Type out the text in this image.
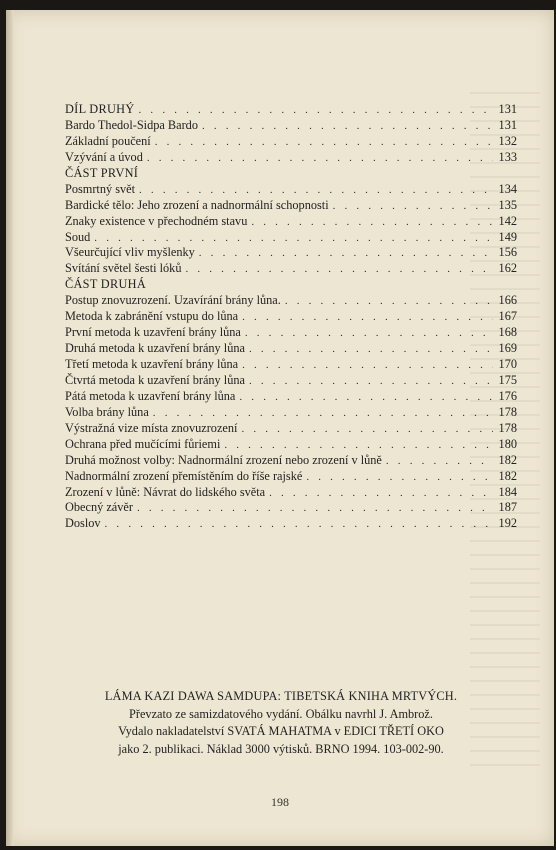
DÍL DRUHÝ . . .	131
Bardo Thedol-Sidpa Bardo . . .	131
Základní poučení . . .	132
Vzývání a úvod . . .	133
ČÁST PRVNÍ
Posmrtný svět . . .	134
Bardické tělo: Jeho zrození a nadnormální schopnosti . . .	135
Znaky existence v přechodném stavu . . .	142
Soud . . .	149
Všeurčující vliv myšlenky . . .	156
Svítání světel šesti lóků . . .	162
ČÁST DRUHÁ
Postup znovuzrození. Uzavírání brány lůna. . . .	166
Metoda k zabránění vstupu do lůna . . .	167
První metoda k uzavření brány lůna . . .	168
Druhá metoda k uzavření brány lůna . . .	169
Třetí metoda k uzavření brány lůna . . .	170
Čtvrtá metoda k uzavření brány lůna . . .	175
Pátá metoda k uzavření brány lůna . . .	176
Volba brány lůna . . .	178
Výstražná vize místa znovuzrození . . .	178
Ochrana před mučícími fůriemi . . .	180
Druhá možnost volby: Nadnormální zrození nebo zrození v lůně . . .	182
Nadnormální zrození přemístěním do říše rajské . . .	182
Zrození v lůně: Návrat do lidského světa . . .	184
Obecný závěr . . .	187
Doslov . . .	192
LÁMA KAZI DAWA SAMDUPA: TIBETSKÁ KNIHA MRTVÝCH.
Převzato ze samizdatového vydání. Obálku navrhl J. Ambrož.
Vydalo nakladatelství SVATÁ MAHATMA v EDICI TŘETÍ OKO
jako 2. publikaci. Náklad 3000 výtisků. BRNO 1994. 103-002-90.
198
